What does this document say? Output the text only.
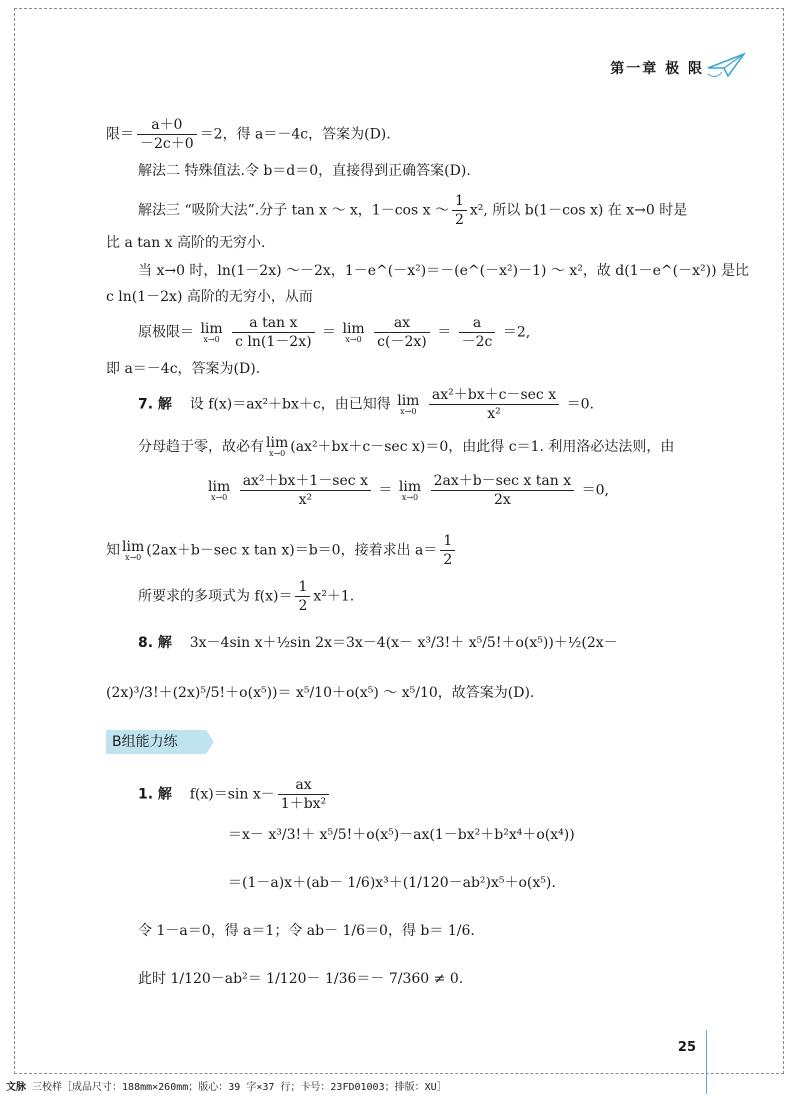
第一章 极 限
限＝ $\frac{a+0}{-2c+0} =2$，得 a＝－4c，答案为(D).
解法二 特殊值法.令 b＝d＝0，直接得到正确答案(D).
解法三 “吸阶大法”.分子 tan x ～ x，1－cos x ～ $\frac{1}{2} x^2$, 所以 b(1－cos x) 在 x→0 时是
比 a tan x 高阶的无穷小.
当 x→0 时，ln(1－2x) ～－2x，1－e^(－x²)＝－(e^(－x²)－1) ～ x²，故 d(1－e^(－x²)) 是比
c ln(1－2x) 高阶的无穷小，从而
原极限＝ lim
x→0
$\frac{\text{a tan x}}{\text{c ln(1－2x)}} = \lim$
x→0
$\frac{ax}{c(-2x)} = \frac{a}{-2c} =2$,
即 a＝－4c，答案为(D).
7. 解 设 f(x)＝ax²＋bx＋c，由已知得 lim
x→0

ax²＋bx＋c－sec x
x²
＝0.
分母趋于零，故必有 lim
x→0 (ax²＋bx＋c－sec x)＝0，由此得 c＝1. 利用洛必达法则，由
lim
x→0

ax²＋bx＋1－sec x
x²
＝ lim
x→0

2ax＋b－sec x tan x
2x
＝0,
知 lim
x→0 (2ax＋b－sec x tan x)＝b＝0，接着求出 $a= \frac{1}{2}$
所要求的多项式为 $f(x)= \frac{1}{2} x^2+1$.
8. 解 3x－4sin x＋½sin 2x＝3x－4(x－ x³/3!＋ x⁵/5!＋o(x⁵))＋½(2x－
(2x)³/3!＋(2x)⁵/5!＋o(x⁵))＝ x⁵/10＋o(x⁵) ～ x⁵/10，故答案为(D).
B组能力练
1. 解 f(x)＝sin $x- \frac{ax}{\text{1＋bx²}}$
＝x－ x³/3!＋ x⁵/5!＋o(x⁵)－ax(1－bx²＋b²x⁴＋o(x⁴))
＝(1－a)x＋(ab－ 1/6)x³＋(1/120－ab²)x⁵＋o(x⁵).
令 1－a＝0，得 a＝1；令 ab－ 1/6＝0，得 b＝ 1/6.
此时 1/120－ab²＝ 1/120－ 1/36＝－ 7/360 ≠ 0.
25
文脉 三校样［成品尺寸：188mm×260mm；版心：39 字×37 行；卡号：23FD01003；排版：XU］
